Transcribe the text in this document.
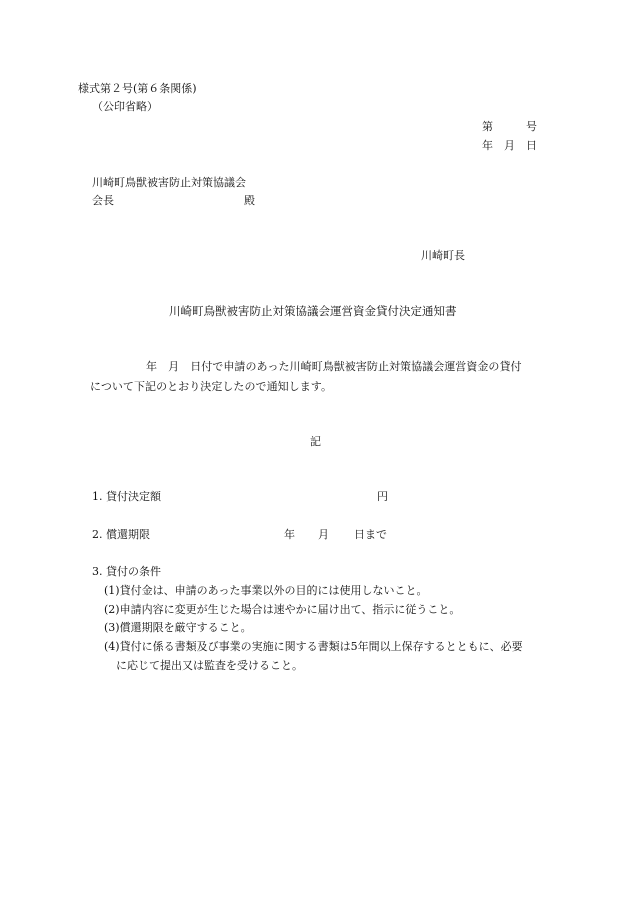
様式第２号(第６条関係)
（公印省略）
第　　　号
年　月　日
川崎町鳥獣被害防止対策協議会
会長	殿
川崎町長
川崎町鳥獣被害防止対策協議会運営資金貸付決定通知書
年　月　日付で申請のあった川崎町鳥獣被害防止対策協議会運営資金の貸付
について下記のとおり決定したので通知します。
記
1. 貸付決定額	円
2. 償還期限	年 月 日まで
3. 貸付の条件
(1)貸付金は、申請のあった事業以外の目的には使用しないこと。
(2)申請内容に変更が生じた場合は速やかに届け出て、指示に従うこと。
(3)償還期限を厳守すること。
(4)貸付に係る書類及び事業の実施に関する書類は5年間以上保存するとともに、必要
に応じて提出又は監査を受けること。
